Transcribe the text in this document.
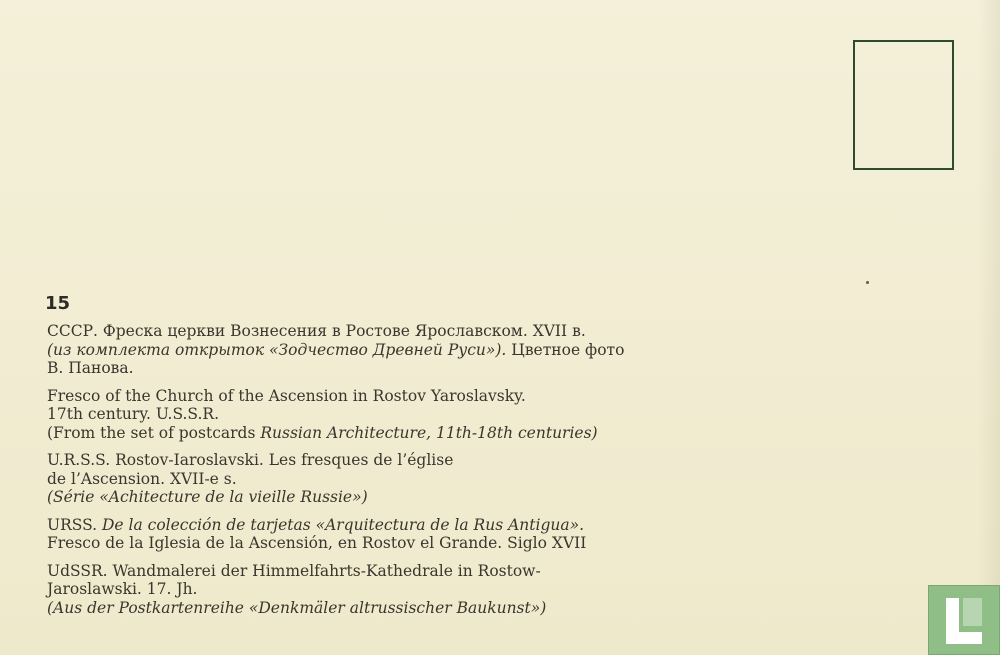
15
СССР. Фреска церкви Вознесения в Ростове Ярославском. XVII в.
(из комплекта открыток «Зодчество Древней Руси»). Цветное фото
В. Панова.
Fresco of the Church of the Ascension in Rostov Yaroslavsky.
17th century. U.S.S.R.
(From the set of postcards Russian Architecture, 11th-18th centuries)
U.R.S.S. Rostov-Iaroslavski. Les fresques de l’église
de l’Ascension. XVII-e s.
(Série «Achitecture de la vieille Russie»)
URSS. De la colección de tarjetas «Arquitectura de la Rus Antigua».
Fresco de la Iglesia de la Ascensión, en Rostov el Grande. Siglo XVII
UdSSR. Wandmalerei der Himmelfahrts-Kathedrale in Rostow-
Jaroslawski. 17. Jh.
(Aus der Postkartenreihe «Denkmäler altrussischer Baukunst»)
